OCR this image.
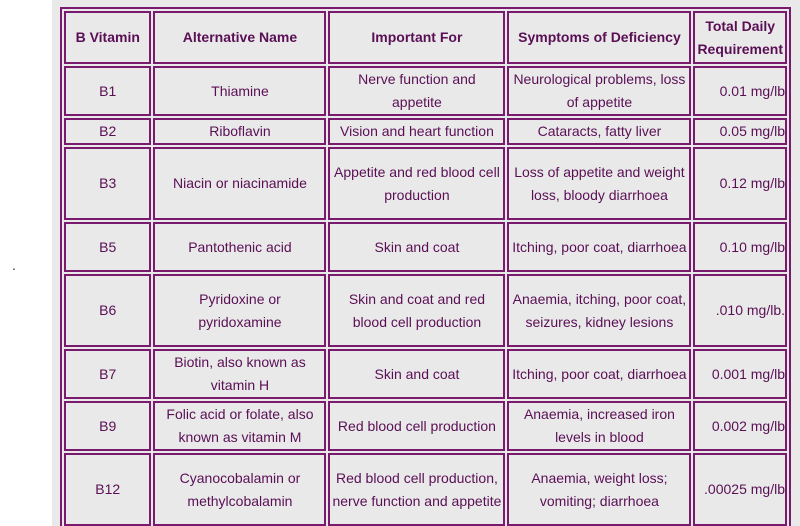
.
B Vitamin	Alternative Name	Important For	Symptoms of Deficiency	Total Daily Requirement
B1	Thiamine	Nerve function and appetite	Neurological problems, loss of appetite	0.01 mg/lb
B2	Riboflavin	Vision and heart function	Cataracts, fatty liver	0.05 mg/lb
B3	Niacin or niacinamide	Appetite and red blood cell production	Loss of appetite and weight loss, bloody diarrhoea	0.12 mg/lb
B5	Pantothenic acid	Skin and coat	Itching, poor coat, diarrhoea	0.10 mg/lb
B6	Pyridoxine or pyridoxamine	Skin and coat and red blood cell production	Anaemia, itching, poor coat, seizures, kidney lesions	.010 mg/lb.
B7	Biotin, also known as vitamin H	Skin and coat	Itching, poor coat, diarrhoea	0.001 mg/lb
B9	Folic acid or folate, also known as vitamin M	Red blood cell production	Anaemia, increased iron levels in blood	0.002 mg/lb
B12	Cyanocobalamin or methylcobalamin	Red blood cell production, nerve function and appetite	Anaemia, weight loss; vomiting; diarrhoea	.00025 mg/lb
